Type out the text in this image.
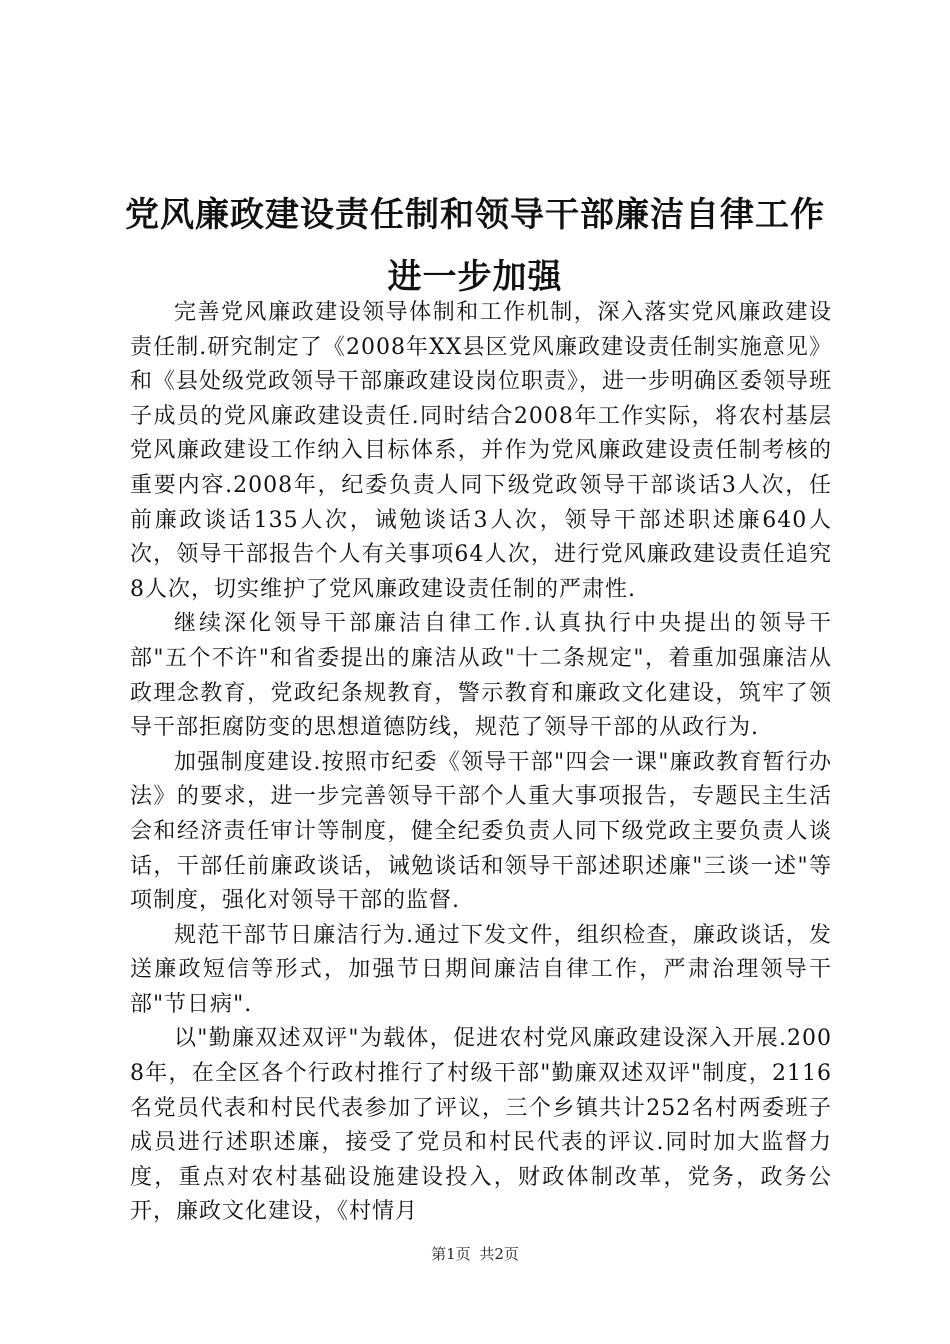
党风廉政建设责任制和领导干部廉洁自律工作
进一步加强

完善党风廉政建设领导体制和工作机制，深入落实党风廉政建设责任制.研究制定了《2008年XX县区党风廉政建设责任制实施意见》和《县处级党政领导干部廉政建设岗位职责》，进一步明确区委领导班子成员的党风廉政建设责任.同时结合2008年工作实际，将农村基层党风廉政建设工作纳入目标体系，并作为党风廉政建设责任制考核的重要内容.2008年，纪委负责人同下级党政领导干部谈话3人次，任前廉政谈话135人次，诫勉谈话3人次，领导干部述职述廉640人次，领导干部报告个人有关事项64人次，进行党风廉政建设责任追究8人次，切实维护了党风廉政建设责任制的严肃性.

继续深化领导干部廉洁自律工作.认真执行中央提出的领导干部"五个不许"和省委提出的廉洁从政"十二条规定"，着重加强廉洁从政理念教育，党政纪条规教育，警示教育和廉政文化建设，筑牢了领导干部拒腐防变的思想道德防线，规范了领导干部的从政行为.

加强制度建设.按照市纪委《领导干部"四会一课"廉政教育暂行办法》的要求，进一步完善领导干部个人重大事项报告，专题民主生活会和经济责任审计等制度，健全纪委负责人同下级党政主要负责人谈话，干部任前廉政谈话，诫勉谈话和领导干部述职述廉"三谈一述"等项制度，强化对领导干部的监督.

规范干部节日廉洁行为.通过下发文件，组织检查，廉政谈话，发送廉政短信等形式，加强节日期间廉洁自律工作，严肃治理领导干部"节日病".

以"勤廉双述双评"为载体，促进农村党风廉政建设深入开展.2008年，在全区各个行政村推行了村级干部"勤廉双述双评"制度，2116名党员代表和村民代表参加了评议，三个乡镇共计252名村两委班子成员进行述职述廉，接受了党员和村民代表的评议.同时加大监督力度，重点对农村基础设施建设投入，财政体制改革，党务，政务公开，廉政文化建设，《村情月

第1页 共2页
